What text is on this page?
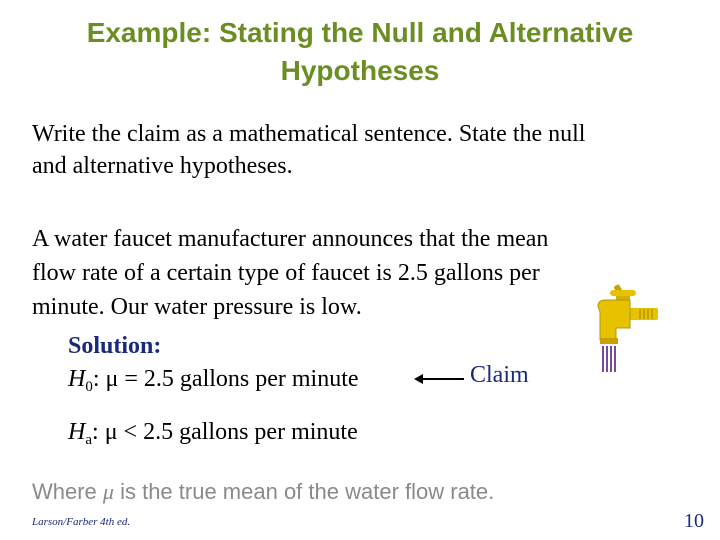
Example: Stating the Null and Alternative
Hypotheses
Write the claim as a mathematical sentence. State the null
and alternative hypotheses.
A water faucet manufacturer announces that the mean
flow rate of a certain type of faucet is 2.5 gallons per
minute. Our water pressure is low.
Solution:
$H_0$: μ = 2.5 gallons per minute	Claim
$H_a$: μ < 2.5 gallons per minute
Where μ is the true mean of the water flow rate.
Larson/Farber 4th ed.	10
